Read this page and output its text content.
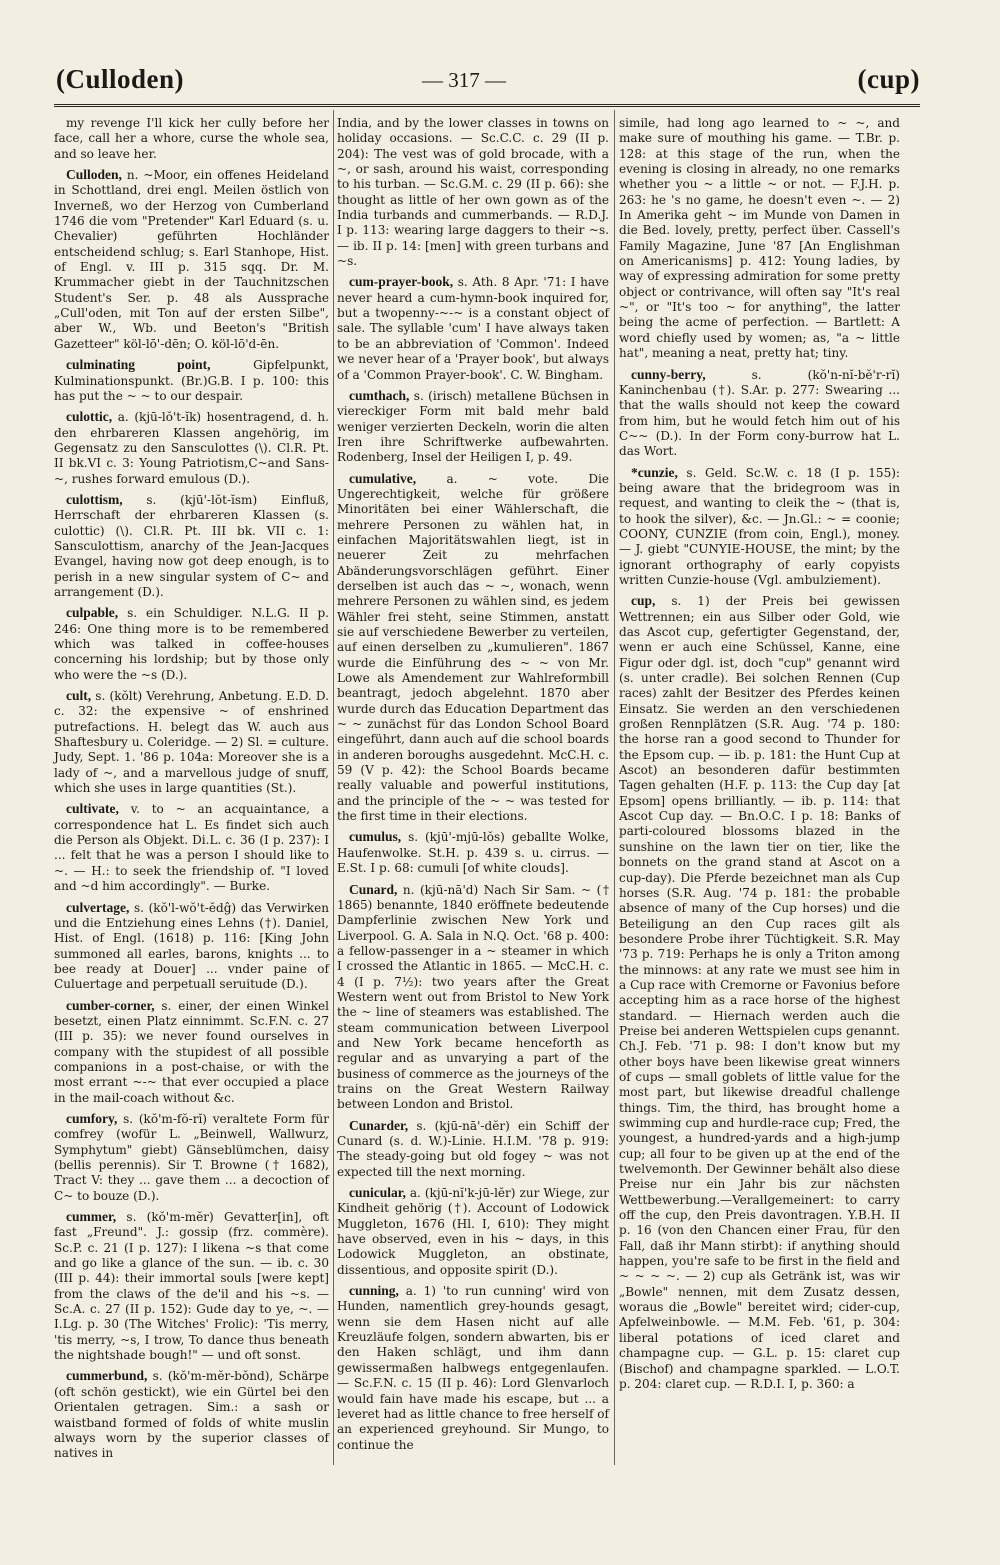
(Culloden)	— 317 —	(cup)

my revenge I'll kick her cully before her face, call her a whore, curse the whole sea, and so leave her.

Culloden, n. ~Moor, ein offenes Heideland in Schottland, drei engl. Meilen östlich von Inverneß, wo der Herzog von Cumberland 1746 die vom "Pretender" Karl Eduard (s. u. Chevalier) geführten Hochländer entscheidend schlug; s. Earl Stanhope, Hist. of Engl. v. III p. 315 sqq. Dr. M. Krummacher giebt in der Tauchnitzschen Student's Ser. p. 48 als Aussprache „Cull'oden, mit Ton auf der ersten Silbe", aber W., Wb. und Beeton's "British Gazetteer" köl-lō'-dēn; O. köl-lō'd-ēn.

culminating point, Gipfelpunkt, Kulminationspunkt. (Br.)G.B. I p. 100: this has put the ~ ~ to our despair.

culottic, a. (kjū-lŏ't-ĭk) hosentragend, d. h. den ehrbareren Klassen angehörig, im Gegensatz zu den Sansculottes (\). Cl.R. Pt. II bk.VI c. 3: Young Patriotism,C~and Sans-~, rushes forward emulous (D.).

culottism, s. (kjū'-lŏt-ĭsm) Einfluß, Herrschaft der ehrbareren Klassen (s. culottic) (\). Cl.R. Pt. III bk. VII c. 1: Sansculottism, anarchy of the Jean-Jacques Evangel, having now got deep enough, is to perish in a new singular system of C~ and arrangement (D.).

culpable, s. ein Schuldiger. N.L.G. II p. 246: One thing more is to be remembered which was talked in coffee-houses concerning his lordship; but by those only who were the ~s (D.).

cult, s. (kŏlt) Verehrung, Anbetung. E.D. D. c. 32: the expensive ~ of enshrined putrefactions. H. belegt das W. auch aus Shaftesbury u. Coleridge. — 2) Sl. = culture. Judy, Sept. 1. '86 p. 104a: Moreover she is a lady of ~, and a marvellous judge of snuff, which she uses in large quantities (St.).

cultivate, v. to ~ an acquaintance, a correspondence hat L. Es findet sich auch die Person als Objekt. Di.L. c. 36 (I p. 237): I ... felt that he was a person I should like to ~. — H.: to seek the friendship of. "I loved and ~d him accordingly". — Burke.

culvertage, s. (kŏ'l-wŏ't-ĕdĝ) das Verwirken und die Entziehung eines Lehns (†). Daniel, Hist. of Engl. (1618) p. 116: [King John summoned all earles, barons, knights ... to bee ready at Douer] ... vnder paine of Culuertage and perpetuall seruitude (D.).

cumber-corner, s. einer, der einen Winkel besetzt, einen Platz einnimmt. Sc.F.N. c. 27 (III p. 35): we never found ourselves in company with the stupidest of all possible companions in a post-chaise, or with the most errant ~-~ that ever occupied a place in the mail-coach without &c.

cumfory, s. (kŏ'm-fŏ-rĭ) veraltete Form für comfrey (wofür L. „Beinwell, Wallwurz, Symphytum" giebt) Gänseblümchen, daisy (bellis perennis). Sir T. Browne († 1682), Tract V: they ... gave them ... a decoction of C~ to bouze (D.).

cummer, s. (kŏ'm-mĕr) Gevatter[in], oft fast „Freund". J.: gossip (frz. commère). Sc.P. c. 21 (I p. 127): I likena ~s that come and go like a glance of the sun. — ib. c. 30 (III p. 44): their immortal souls [were kept] from the claws of the de'il and his ~s. — Sc.A. c. 27 (II p. 152): Gude day to ye, ~. — I.Lg. p. 30 (The Witches' Frolic): 'Tis merry, 'tis merry, ~s, I trow, To dance thus beneath the nightshade bough!" — und oft sonst.

cummerbund, s. (kŏ'm-mĕr-bŏnd), Schärpe (oft schön gestickt), wie ein Gürtel bei den Orientalen getragen. Sim.: a sash or waistband formed of folds of white muslin always worn by the superior classes of natives in

India, and by the lower classes in towns on holiday occasions. — Sc.C.C. c. 29 (II p. 204): The vest was of gold brocade, with a ~, or sash, around his waist, corresponding to his turban. — Sc.G.M. c. 29 (II p. 66): she thought as little of her own gown as of the India turbands and cummerbands. — R.D.J. I p. 113: wearing large daggers to their ~s. — ib. II p. 14: [men] with green turbans and ~s.

cum-prayer-book, s. Ath. 8 Apr. '71: I have never heard a cum-hymn-book inquired for, but a twopenny-~-~ is a constant object of sale. The syllable 'cum' I have always taken to be an abbreviation of 'Common'. Indeed we never hear of a 'Prayer book', but always of a 'Common Prayer-book'. C. W. Bingham.

cumthach, s. (irisch) metallene Büchsen in viereckiger Form mit bald mehr bald weniger verzierten Deckeln, worin die alten Iren ihre Schriftwerke aufbewahrten. Rodenberg, Insel der Heiligen I, p. 49.

cumulative, a. ~ vote. Die Ungerechtigkeit, welche für größere Minoritäten bei einer Wählerschaft, die mehrere Personen zu wählen hat, in einfachen Majoritätswahlen liegt, ist in neuerer Zeit zu mehrfachen Abänderungsvorschlägen geführt. Einer derselben ist auch das ~ ~, wonach, wenn mehrere Personen zu wählen sind, es jedem Wähler frei steht, seine Stimmen, anstatt sie auf verschiedene Bewerber zu verteilen, auf einen derselben zu „kumulieren". 1867 wurde die Einführung des ~ ~ von Mr. Lowe als Amendement zur Wahlreformbill beantragt, jedoch abgelehnt. 1870 aber wurde durch das Education Department das ~ ~ zunächst für das London School Board eingeführt, dann auch auf die school boards in anderen boroughs ausgedehnt. McC.H. c. 59 (V p. 42): the School Boards became really valuable and powerful institutions, and the principle of the ~ ~ was tested for the first time in their elections.

cumulus, s. (kjū'-mjū-lŏs) geballte Wolke, Haufenwolke. St.H. p. 439 s. u. cirrus. — E.St. I p. 68: cumuli [of white clouds].

Cunard, n. (kjū-nā'd) Nach Sir Sam. ~ († 1865) benannte, 1840 eröffnete bedeutende Dampferlinie zwischen New York und Liverpool. G. A. Sala in N.Q. Oct. '68 p. 400: a fellow-passenger in a ~ steamer in which I crossed the Atlantic in 1865. — McC.H. c. 4 (I p. 7½): two years after the Great Western went out from Bristol to New York the ~ line of steamers was established. The steam communication between Liverpool and New York became henceforth as regular and as unvarying a part of the business of commerce as the journeys of the trains on the Great Western Railway between London and Bristol.

Cunarder, s. (kjū-nā'-dĕr) ein Schiff der Cunard (s. d. W.)-Linie. H.I.M. '78 p. 919: The steady-going but old fogey ~ was not expected till the next morning.

cunicular, a. (kjū-nĭ'k-jū-lĕr) zur Wiege, zur Kindheit gehörig (†). Account of Lodowick Muggleton, 1676 (Hl. I, 610): They might have observed, even in his ~ days, in this Lodowick Muggleton, an obstinate, dissentious, and opposite spirit (D.).

cunning, a. 1) 'to run cunning' wird von Hunden, namentlich grey-hounds gesagt, wenn sie dem Hasen nicht auf alle Kreuzläufe folgen, sondern abwarten, bis er den Haken schlägt, und ihm dann gewissermaßen halbwegs entgegenlaufen. — Sc.F.N. c. 15 (II p. 46): Lord Glenvarloch would fain have made his escape, but ... a leveret had as little chance to free herself of an experienced greyhound. Sir Mungo, to continue the

simile, had long ago learned to ~ ~, and make sure of mouthing his game. — T.Br. p. 128: at this stage of the run, when the evening is closing in already, no one remarks whether you ~ a little ~ or not. — F.J.H. p. 263: he 's no game, he doesn't even ~. — 2) In Amerika geht ~ im Munde von Damen in die Bed. lovely, pretty, perfect über. Cassell's Family Magazine, June '87 [An Englishman on Americanisms] p. 412: Young ladies, by way of expressing admiration for some pretty object or contrivance, will often say "It's real ~", or "It's too ~ for anything", the latter being the acme of perfection. — Bartlett: A word chiefly used by women; as, "a ~ little hat", meaning a neat, pretty hat; tiny.

cunny-berry, s. (kŏ'n-nĭ-bĕ'r-rĭ) Kaninchenbau (†). S.Ar. p. 277: Swearing ... that the walls should not keep the coward from him, but he would fetch him out of his C~~ (D.). In der Form cony-burrow hat L. das Wort.

*cunzie, s. Geld. Sc.W. c. 18 (I p. 155): being aware that the bridegroom was in request, and wanting to cleik the ~ (that is, to hook the silver), &c. — Jn.Gl.: ~ = coonie; COONY, CUNZIE (from coin, Engl.), money. — J. giebt "CUNYIE-HOUSE, the mint; by the ignorant orthography of early copyists written Cunzie-house (Vgl. ambulziement).

cup, s. 1) der Preis bei gewissen Wettrennen; ein aus Silber oder Gold, wie das Ascot cup, gefertigter Gegenstand, der, wenn er auch eine Schüssel, Kanne, eine Figur oder dgl. ist, doch "cup" genannt wird (s. unter cradle). Bei solchen Rennen (Cup races) zahlt der Besitzer des Pferdes keinen Einsatz. Sie werden an den verschiedenen großen Rennplätzen (S.R. Aug. '74 p. 180: the horse ran a good second to Thunder for the Epsom cup. — ib. p. 181: the Hunt Cup at Ascot) an besonderen dafür bestimmten Tagen gehalten (H.F. p. 113: the Cup day [at Epsom] opens brilliantly. — ib. p. 114: that Ascot Cup day. — Bn.O.C. I p. 18: Banks of parti-coloured blossoms blazed in the sunshine on the lawn tier on tier, like the bonnets on the grand stand at Ascot on a cup-day). Die Pferde bezeichnet man als Cup horses (S.R. Aug. '74 p. 181: the probable absence of many of the Cup horses) und die Beteiligung an den Cup races gilt als besondere Probe ihrer Tüchtigkeit. S.R. May '73 p. 719: Perhaps he is only a Triton among the minnows: at any rate we must see him in a Cup race with Cremorne or Favonius before accepting him as a race horse of the highest standard. — Hiernach werden auch die Preise bei anderen Wettspielen cups genannt. Ch.J. Feb. '71 p. 98: I don't know but my other boys have been likewise great winners of cups — small goblets of little value for the most part, but likewise dreadful challenge things. Tim, the third, has brought home a swimming cup and hurdle-race cup; Fred, the youngest, a hundred-yards and a high-jump cup; all four to be given up at the end of the twelvemonth. Der Gewinner behält also diese Preise nur ein Jahr bis zur nächsten Wettbewerbung.—Verallgemeinert: to carry off the cup, den Preis davontragen. Y.B.H. II p. 16 (von den Chancen einer Frau, für den Fall, daß ihr Mann stirbt): if anything should happen, you're safe to be first in the field and ~ ~ ~ ~. — 2) cup als Getränk ist, was wir „Bowle" nennen, mit dem Zusatz dessen, woraus die „Bowle" bereitet wird; cider-cup, Apfelweinbowle. — M.M. Feb. '61, p. 304: liberal potations of iced claret and champagne cup. — G.L. p. 15: claret cup (Bischof) and champagne sparkled. — L.O.T. p. 204: claret cup. — R.D.I. I, p. 360: a
